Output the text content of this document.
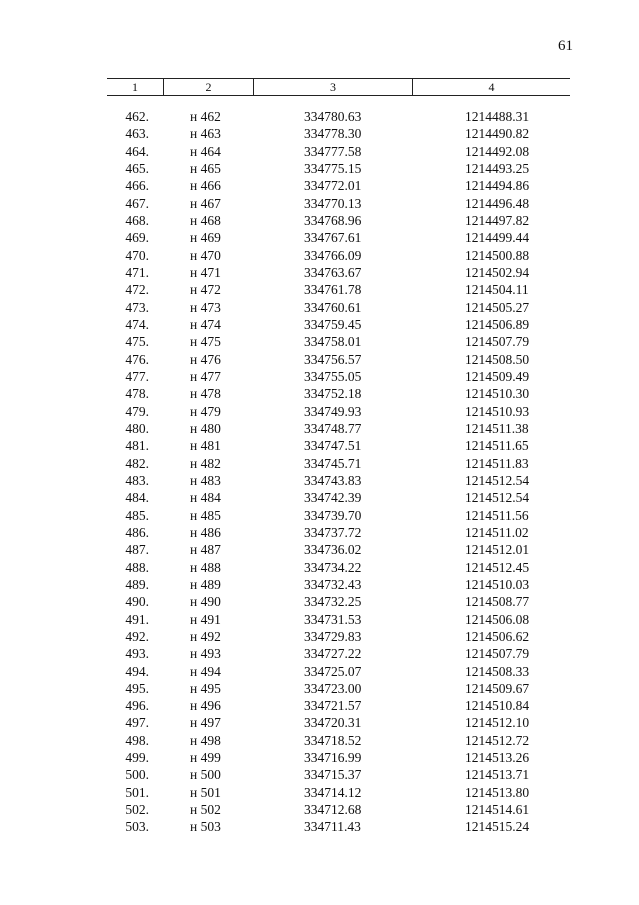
61
1	2	3	4
462.	н 462	334780.63	1214488.31
463.	н 463	334778.30	1214490.82
464.	н 464	334777.58	1214492.08
465.	н 465	334775.15	1214493.25
466.	н 466	334772.01	1214494.86
467.	н 467	334770.13	1214496.48
468.	н 468	334768.96	1214497.82
469.	н 469	334767.61	1214499.44
470.	н 470	334766.09	1214500.88
471.	н 471	334763.67	1214502.94
472.	н 472	334761.78	1214504.11
473.	н 473	334760.61	1214505.27
474.	н 474	334759.45	1214506.89
475.	н 475	334758.01	1214507.79
476.	н 476	334756.57	1214508.50
477.	н 477	334755.05	1214509.49
478.	н 478	334752.18	1214510.30
479.	н 479	334749.93	1214510.93
480.	н 480	334748.77	1214511.38
481.	н 481	334747.51	1214511.65
482.	н 482	334745.71	1214511.83
483.	н 483	334743.83	1214512.54
484.	н 484	334742.39	1214512.54
485.	н 485	334739.70	1214511.56
486.	н 486	334737.72	1214511.02
487.	н 487	334736.02	1214512.01
488.	н 488	334734.22	1214512.45
489.	н 489	334732.43	1214510.03
490.	н 490	334732.25	1214508.77
491.	н 491	334731.53	1214506.08
492.	н 492	334729.83	1214506.62
493.	н 493	334727.22	1214507.79
494.	н 494	334725.07	1214508.33
495.	н 495	334723.00	1214509.67
496.	н 496	334721.57	1214510.84
497.	н 497	334720.31	1214512.10
498.	н 498	334718.52	1214512.72
499.	н 499	334716.99	1214513.26
500.	н 500	334715.37	1214513.71
501.	н 501	334714.12	1214513.80
502.	н 502	334712.68	1214514.61
503.	н 503	334711.43	1214515.24
